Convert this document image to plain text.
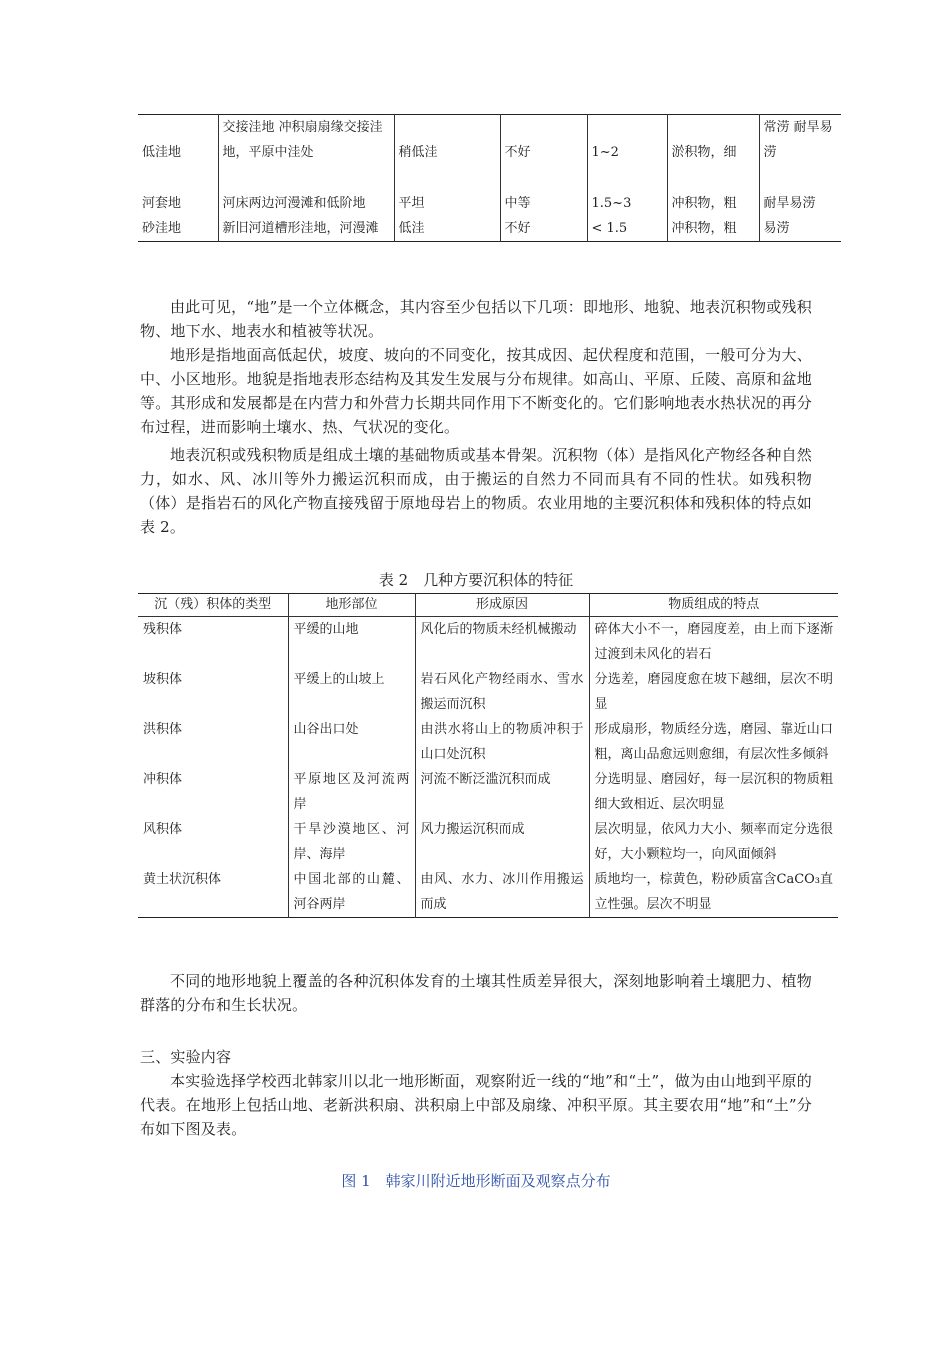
低洼地	交接洼地 冲积扇扇缘交接洼地，平原中洼处	稍低洼	不好	1~2	淤积物，细	常涝 耐旱易涝
河套地	河床两边河漫滩和低阶地	平坦	中等	1.5~3	冲积物，粗	耐旱易涝
砂洼地	新旧河道槽形洼地，河漫滩	低洼	不好	< 1.5	冲积物，粗	易涝

由此可见，“地”是一个立体概念，其内容至少包括以下几项：即地形、地貌、地表沉积物或残积物、地下水、地表水和植被等状况。

地形是指地面高低起伏，坡度、坡向的不同变化，按其成因、起伏程度和范围，一般可分为大、中、小区地形。地貌是指地表形态结构及其发生发展与分布规律。如高山、平原、丘陵、高原和盆地等。其形成和发展都是在内营力和外营力长期共同作用下不断变化的。它们影响地表水热状况的再分布过程，进而影响土壤水、热、气状况的变化。

地表沉积或残积物质是组成土壤的基础物质或基本骨架。沉积物（体）是指风化产物经各种自然力，如水、风、冰川等外力搬运沉积而成，由于搬运的自然力不同而具有不同的性状。如残积物（体）是指岩石的风化产物直接残留于原地母岩上的物质。农业用地的主要沉积体和残积体的特点如表 2。

表 2　几种方要沉积体的特征
沉（残）积体的类型	地形部位	形成原因	物质组成的特点
残积体	平缓的山地	风化后的物质未经机械搬动	碎体大小不一，磨园度差，由上而下逐渐过渡到未风化的岩石
坡积体	平缓上的山坡上	岩石风化产物经雨水、雪水搬运而沉积	分选差，磨园度愈在坡下越细，层次不明显
洪积体	山谷出口处	由洪水将山上的物质冲积于山口处沉积	形成扇形，物质经分选，磨园、靠近山口粗，离山品愈远则愈细，有层次性多倾斜
冲积体	平原地区及河流两岸	河流不断泛滥沉积而成	分选明显、磨园好，每一层沉积的物质粗细大致相近、层次明显
风积体	干旱沙漠地区、河岸、海岸	风力搬运沉积而成	层次明显，依风力大小、频率而定分选很好，大小颗粒均一，向风面倾斜
黄土状沉积体	中国北部的山麓、河谷两岸	由风、水力、冰川作用搬运而成	质地均一，棕黄色，粉砂质富含CaCO₃直立性强。层次不明显

不同的地形地貌上覆盖的各种沉积体发育的土壤其性质差异很大，深刻地影响着土壤肥力、植物群落的分布和生长状况。

三、实验内容

本实验选择学校西北韩家川以北一地形断面，观察附近一线的“地”和“土”，做为由山地到平原的代表。在地形上包括山地、老新洪积扇、洪积扇上中部及扇缘、冲积平原。其主要农用“地”和“土”分布如下图及表。

图 1　韩家川附近地形断面及观察点分布
